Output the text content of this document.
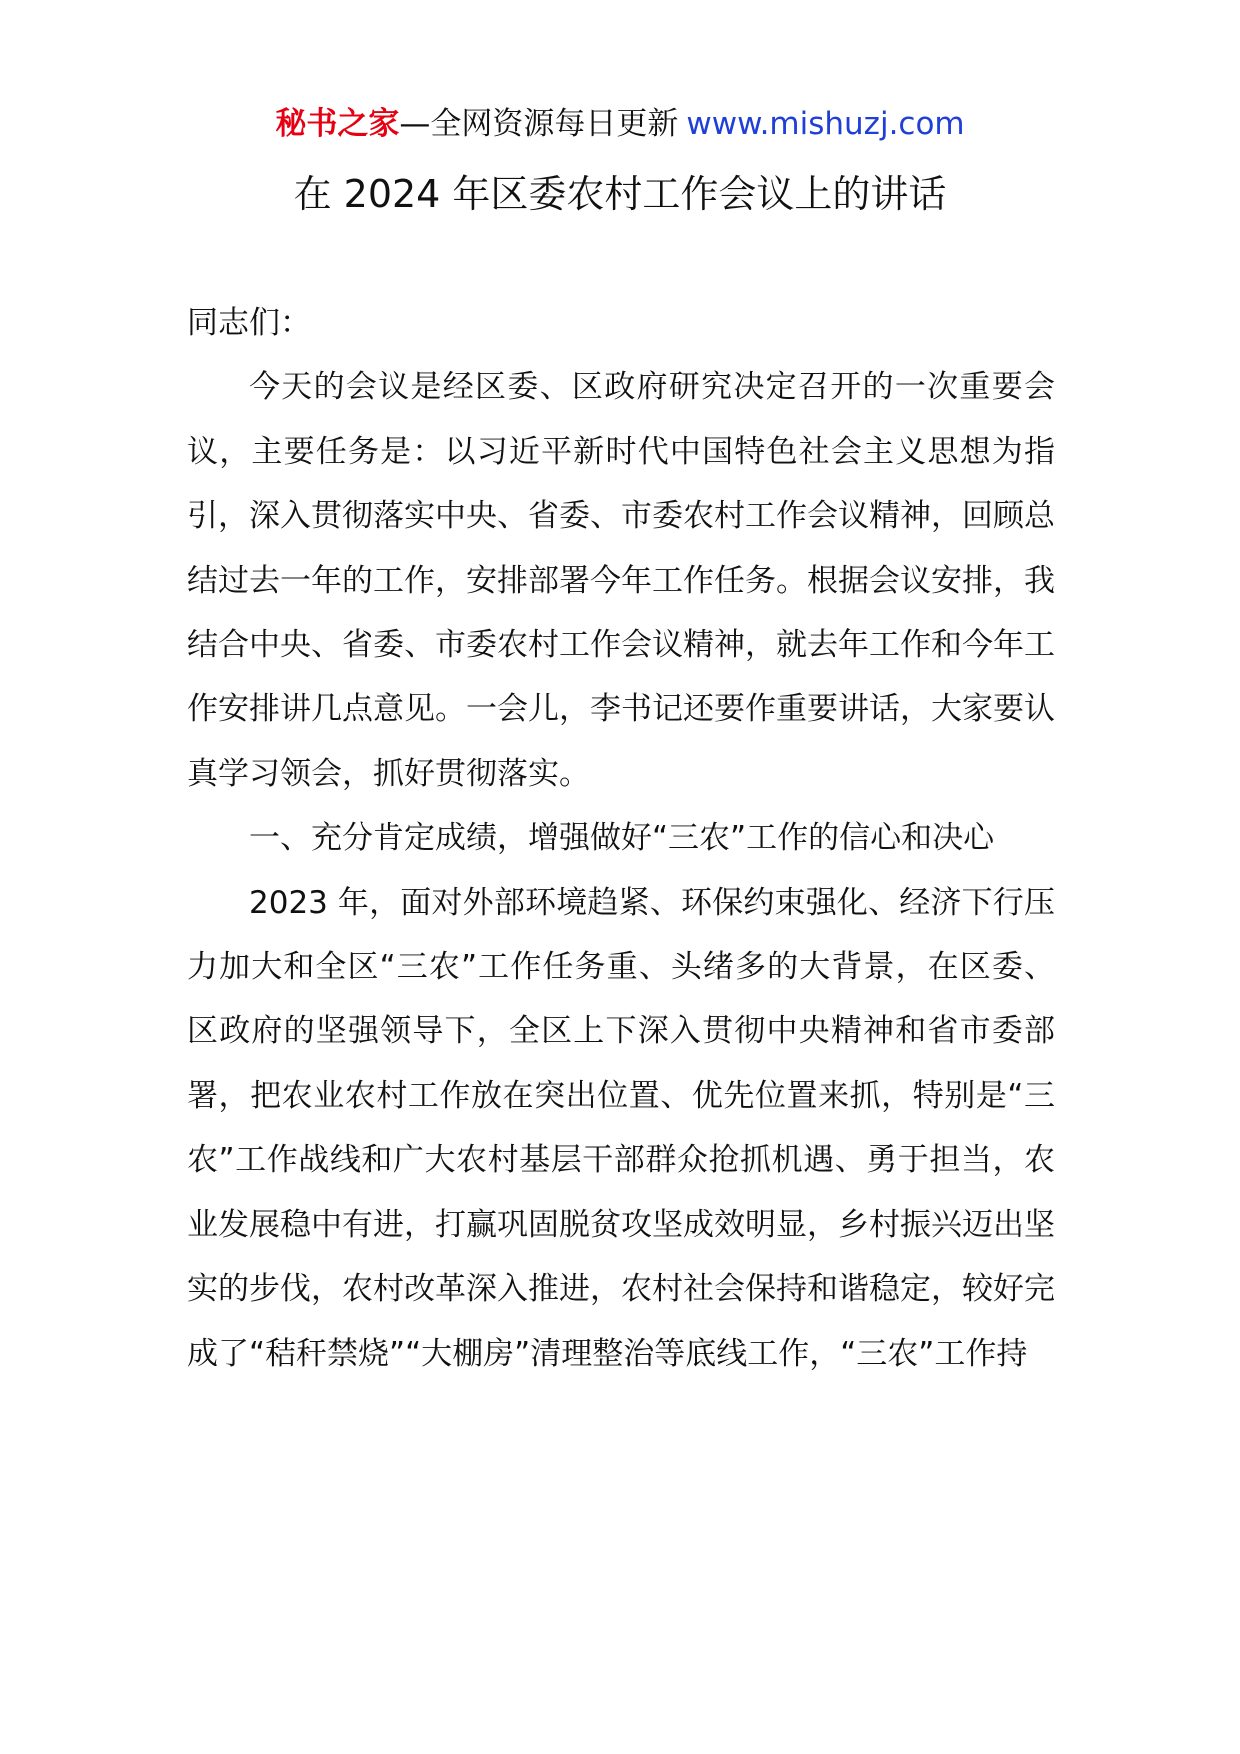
秘书之家—全网资源每日更新 www.mishuzj.com
在 2024 年区委农村工作会议上的讲话

同志们：

今天的会议是经区委、区政府研究决定召开的一次重要会议，主要任务是：以习近平新时代中国特色社会主义思想为指引，深入贯彻落实中央、省委、市委农村工作会议精神，回顾总结过去一年的工作，安排部署今年工作任务。根据会议安排，我结合中央、省委、市委农村工作会议精神，就去年工作和今年工作安排讲几点意见。一会儿，李书记还要作重要讲话，大家要认真学习领会，抓好贯彻落实。

一、充分肯定成绩，增强做好“三农”工作的信心和决心

2023 年，面对外部环境趋紧、环保约束强化、经济下行压力加大和全区“三农”工作任务重、头绪多的大背景，在区委、区政府的坚强领导下，全区上下深入贯彻中央精神和省市委部署，把农业农村工作放在突出位置、优先位置来抓，特别是“三农”工作战线和广大农村基层干部群众抢抓机遇、勇于担当，农业发展稳中有进，打赢巩固脱贫攻坚成效明显，乡村振兴迈出坚实的步伐，农村改革深入推进，农村社会保持和谐稳定，较好完成了“秸秆禁烧”“大棚房”清理整治等底线工作，“三农”工作持
